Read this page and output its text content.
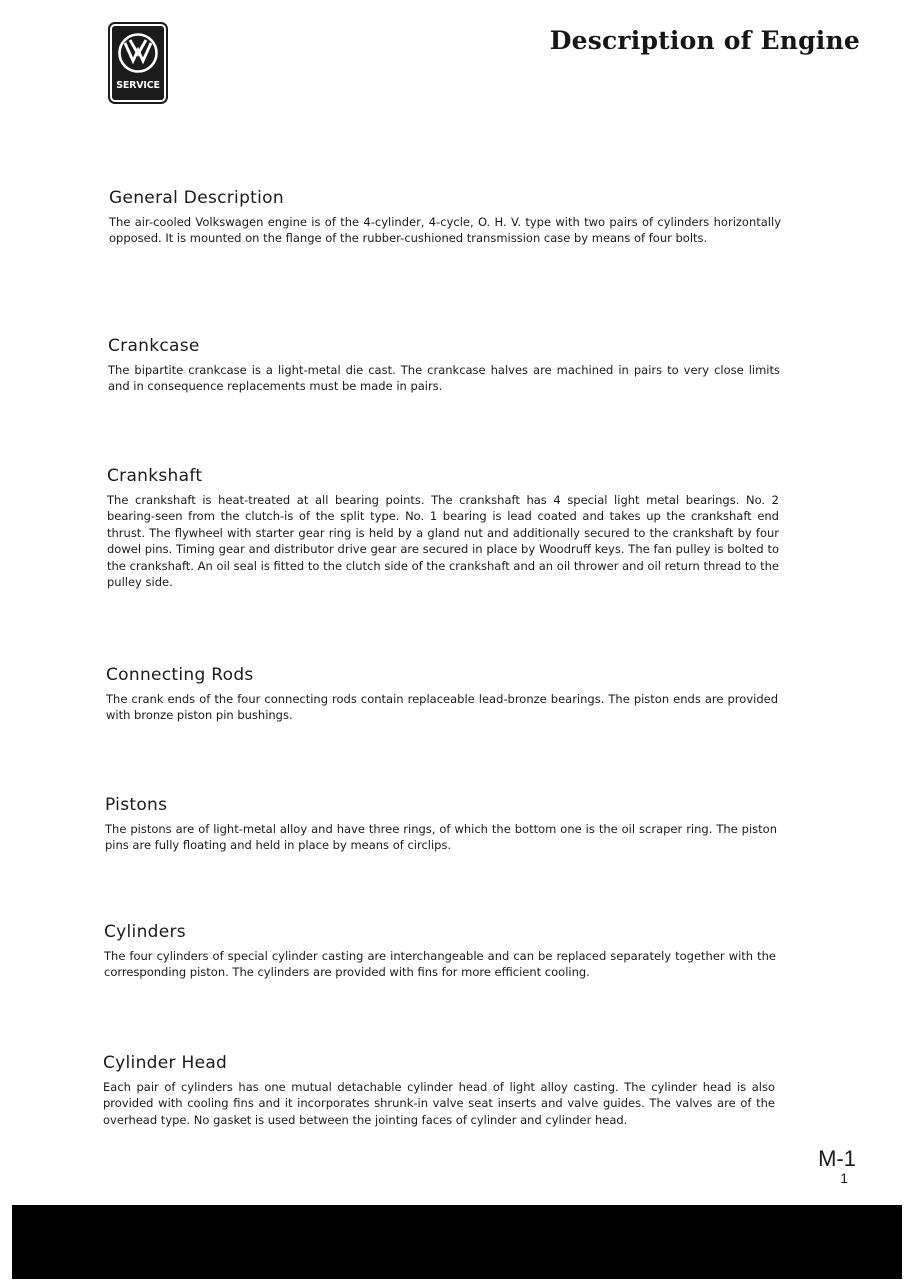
SERVICE
Description of Engine
General Description

The air-cooled Volkswagen engine is of the 4-cylinder, 4-cycle, O. H. V. type with two pairs of cylinders horizontally opposed. It is mounted on the flange of the rubber-cushioned transmission case by means of four bolts.

Crankcase

The bipartite crankcase is a light-metal die cast. The crankcase halves are machined in pairs to very close limits and in consequence replacements must be made in pairs.

Crankshaft

The crankshaft is heat-treated at all bearing points. The crankshaft has 4 special light metal bearings. No. 2 bearing-seen from the clutch-is of the split type. No. 1 bearing is lead coated and takes up the crankshaft end thrust. The flywheel with starter gear ring is held by a gland nut and additionally secured to the crankshaft by four dowel pins. Timing gear and distributor drive gear are secured in place by Woodruff keys. The fan pulley is bolted to the crankshaft. An oil seal is fitted to the clutch side of the crankshaft and an oil thrower and oil return thread to the pulley side.

Connecting Rods

The crank ends of the four connecting rods contain replaceable lead-bronze bearings. The piston ends are provided with bronze piston pin bushings.

Pistons

The pistons are of light-metal alloy and have three rings, of which the bottom one is the oil scraper ring. The piston pins are fully floating and held in place by means of circlips.

Cylinders

The four cylinders of special cylinder casting are interchangeable and can be replaced separately together with the corresponding piston. The cylinders are provided with fins for more efficient cooling.

Cylinder Head

Each pair of cylinders has one mutual detachable cylinder head of light alloy casting. The cylinder head is also provided with cooling fins and it incorporates shrunk-in valve seat inserts and valve guides. The valves are of the overhead type. No gasket is used between the jointing faces of cylinder and cylinder head.

M-1
1
